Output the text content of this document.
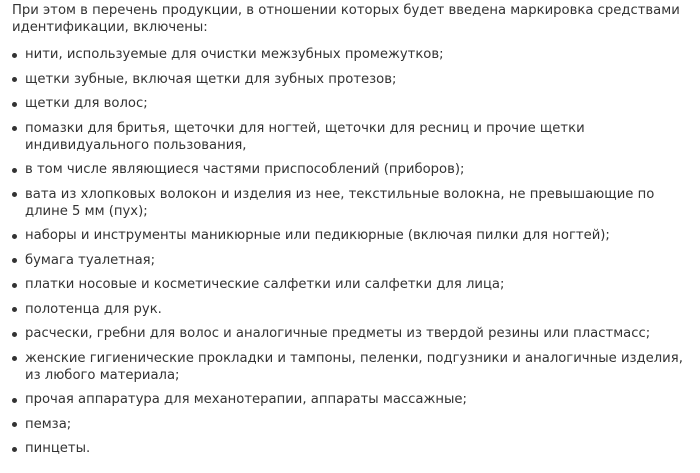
При этом в перечень продукции, в отношении которых будет введена маркировка средствами идентификации, включены:

нити, используемые для очистки межзубных промежутков;
щетки зубные, включая щетки для зубных протезов;
щетки для волос;
помазки для бритья, щеточки для ногтей, щеточки для ресниц и прочие щетки индивидуального пользования,
в том числе являющиеся частями приспособлений (приборов);
вата из хлопковых волокон и изделия из нее, текстильные волокна, не превышающие по длине 5 мм (пух);
наборы и инструменты маникюрные или педикюрные (включая пилки для ногтей);
бумага туалетная;
платки носовые и косметические салфетки или салфетки для лица;
полотенца для рук.
расчески, гребни для волос и аналогичные предметы из твердой резины или пластмасс;
женские гигиенические прокладки и тампоны, пеленки, подгузники и аналогичные изделия, из любого материала;
прочая аппаратура для механотерапии, аппараты массажные;
пемза;
пинцеты.
